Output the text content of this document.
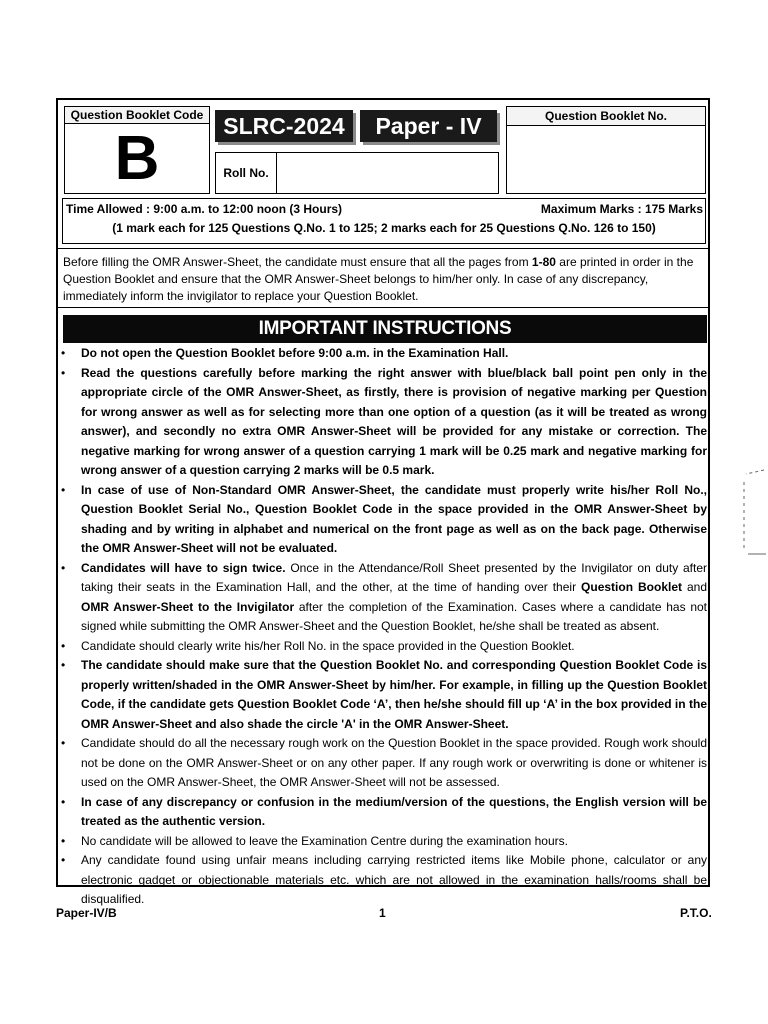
Question Booklet Code
B	SLRC-2024	Paper - IV
Roll No.
Question Booklet No.
Time Allowed : 9:00 a.m. to 12:00 noon (3 Hours)	Maximum Marks : 175 Marks
(1 mark each for 125 Questions Q.No. 1 to 125; 2 marks each for 25 Questions Q.No. 126 to 150)
Before filling the OMR Answer-Sheet, the candidate must ensure that all the pages from 1-80 are printed in order in the Question Booklet and ensure that the OMR Answer-Sheet belongs to him/her only. In case of any discrepancy, immediately inform the invigilator to replace your Question Booklet.
IMPORTANT INSTRUCTIONS
• Do not open the Question Booklet before 9:00 a.m. in the Examination Hall.
• Read the questions carefully before marking the right answer with blue/black ball point pen only in the appropriate circle of the OMR Answer-Sheet, as firstly, there is provision of negative marking per Question for wrong answer as well as for selecting more than one option of a question (as it will be treated as wrong answer), and secondly no extra OMR Answer-Sheet will be provided for any mistake or correction. The negative marking for wrong answer of a question carrying 1 mark will be 0.25 mark and negative marking for wrong answer of a question carrying 2 marks will be 0.5 mark.
• In case of use of Non-Standard OMR Answer-Sheet, the candidate must properly write his/her Roll No., Question Booklet Serial No., Question Booklet Code in the space provided in the OMR Answer-Sheet by shading and by writing in alphabet and numerical on the front page as well as on the back page. Otherwise the OMR Answer-Sheet will not be evaluated.
• Candidates will have to sign twice. Once in the Attendance/Roll Sheet presented by the Invigilator on duty after taking their seats in the Examination Hall, and the other, at the time of handing over their Question Booklet and OMR Answer-Sheet to the Invigilator after the completion of the Examination. Cases where a candidate has not signed while submitting the OMR Answer-Sheet and the Question Booklet, he/she shall be treated as absent.
• Candidate should clearly write his/her Roll No. in the space provided in the Question Booklet.
• The candidate should make sure that the Question Booklet No. and corresponding Question Booklet Code is properly written/shaded in the OMR Answer-Sheet by him/her. For example, in filling up the Question Booklet Code, if the candidate gets Question Booklet Code ‘A’, then he/she should fill up ‘A’ in the box provided in the OMR Answer-Sheet and also shade the circle 'A' in the OMR Answer-Sheet.
• Candidate should do all the necessary rough work on the Question Booklet in the space provided. Rough work should not be done on the OMR Answer-Sheet or on any other paper. If any rough work or overwriting is done or whitener is used on the OMR Answer-Sheet, the OMR Answer-Sheet will not be assessed.
• In case of any discrepancy or confusion in the medium/version of the questions, the English version will be treated as the authentic version.
• No candidate will be allowed to leave the Examination Centre during the examination hours.
• Any candidate found using unfair means including carrying restricted items like Mobile phone, calculator or any electronic gadget or objectionable materials etc. which are not allowed in the examination halls/rooms shall be disqualified.
Paper-IV/B	1	P.T.O.
